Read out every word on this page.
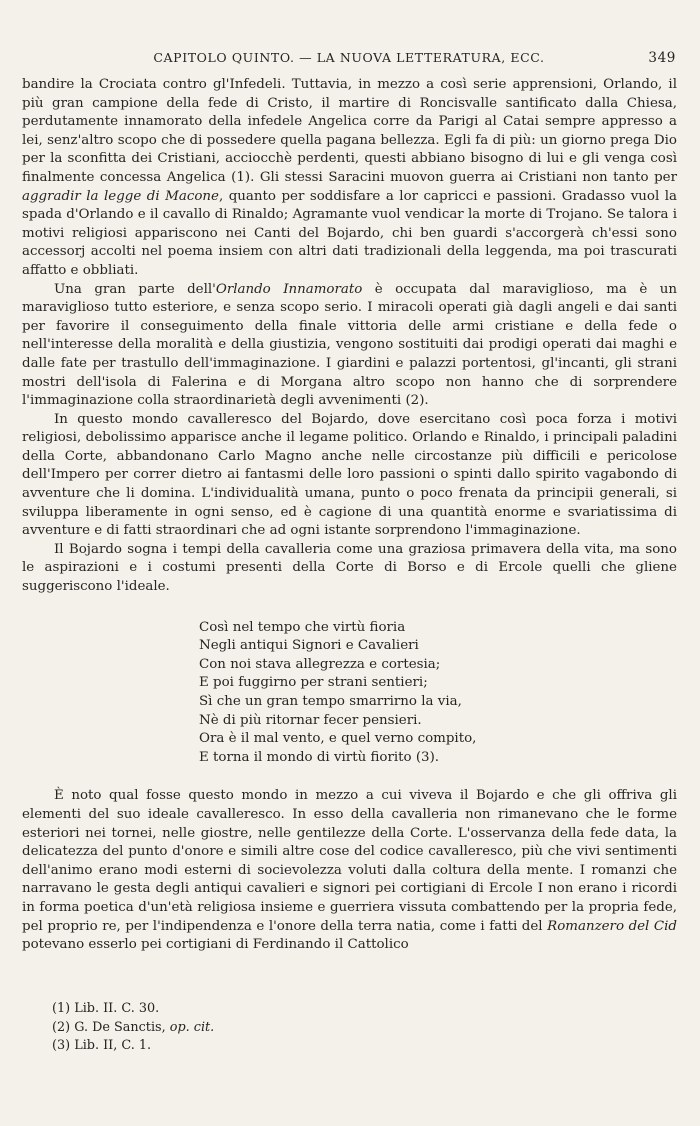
CAPITOLO QUINTO. — LA NUOVA LETTERATURA, ECC.	349

bandire la Crociata contro gl'Infedeli. Tuttavia, in mezzo a così serie apprensioni, Orlando, il più gran campione della fede di Cristo, il martire di Roncisvalle santificato dalla Chiesa, perdutamente innamorato della infedele Angelica corre da Parigi al Catai sempre appresso a lei, senz'altro scopo che di possedere quella pagana bellezza. Egli fa di più: un giorno prega Dio per la sconfitta dei Cristiani, acciocchè perdenti, questi abbiano bisogno di lui e gli venga così finalmente concessa Angelica (1). Gli stessi Saracini muovon guerra ai Cristiani non tanto per aggradir la legge di Macone, quanto per soddisfare a lor capricci e passioni. Gradasso vuol la spada d'Orlando e il cavallo di Rinaldo; Agramante vuol vendicar la morte di Trojano. Se talora i motivi religiosi appariscono nei Canti del Bojardo, chi ben guardi s'accorgerà ch'essi sono accessorj accolti nel poema insiem con altri dati tradizionali della leggenda, ma poi trascurati affatto e obbliati.

Una gran parte dell'Orlando Innamorato è occupata dal maraviglioso, ma è un maraviglioso tutto esteriore, e senza scopo serio. I miracoli operati già dagli angeli e dai santi per favorire il conseguimento della finale vittoria delle armi cristiane e della fede o nell'interesse della moralità e della giustizia, vengono sostituiti dai prodigi operati dai maghi e dalle fate per trastullo dell'immaginazione. I giardini e palazzi portentosi, gl'incanti, gli strani mostri dell'isola di Falerina e di Morgana altro scopo non hanno che di sorprendere l'immaginazione colla straordinarietà degli avvenimenti (2).

In questo mondo cavalleresco del Bojardo, dove esercitano così poca forza i motivi religiosi, debolissimo apparisce anche il legame politico. Orlando e Rinaldo, i principali paladini della Corte, abbandonano Carlo Magno anche nelle circostanze più difficili e pericolose dell'Impero per correr dietro ai fantasmi delle loro passioni o spinti dallo spirito vagabondo di avventure che li domina. L'individualità umana, punto o poco frenata da principii generali, si sviluppa liberamente in ogni senso, ed è cagione di una quantità enorme e svariatissima di avventure e di fatti straordinari che ad ogni istante sorprendono l'immaginazione.

Il Bojardo sogna i tempi della cavalleria come una graziosa primavera della vita, ma sono le aspirazioni e i costumi presenti della Corte di Borso e di Ercole quelli che gliene suggeriscono l'ideale.

Così nel tempo che virtù fioria
Negli antiqui Signori e Cavalieri
Con noi stava allegrezza e cortesia;
E poi fuggirno per strani sentieri;
Sì che un gran tempo smarrirno la via,
Nè di più ritornar fecer pensieri.
Ora è il mal vento, e quel verno compito,
E torna il mondo di virtù fiorito (3).

È noto qual fosse questo mondo in mezzo a cui viveva il Bojardo e che gli offriva gli elementi del suo ideale cavalleresco. In esso della cavalleria non rimanevano che le forme esteriori nei tornei, nelle giostre, nelle gentilezze della Corte. L'osservanza della fede data, la delicatezza del punto d'onore e simili altre cose del codice cavalleresco, più che vivi sentimenti dell'animo erano modi esterni di socievolezza voluti dalla coltura della mente. I romanzi che narravano le gesta degli antiqui cavalieri e signori pei cortigiani di Ercole I non erano i ricordi in forma poetica d'un'età religiosa insieme e guerriera vissuta combattendo per la propria fede, pel proprio re, per l'indipendenza e l'onore della terra natia, come i fatti del Romanzero del Cid potevano esserlo pei cortigiani di Ferdinando il Cattolico

(1) Lib. II. C. 30.
(2) G. De Sanctis, op. cit.
(3) Lib. II, C. 1.
